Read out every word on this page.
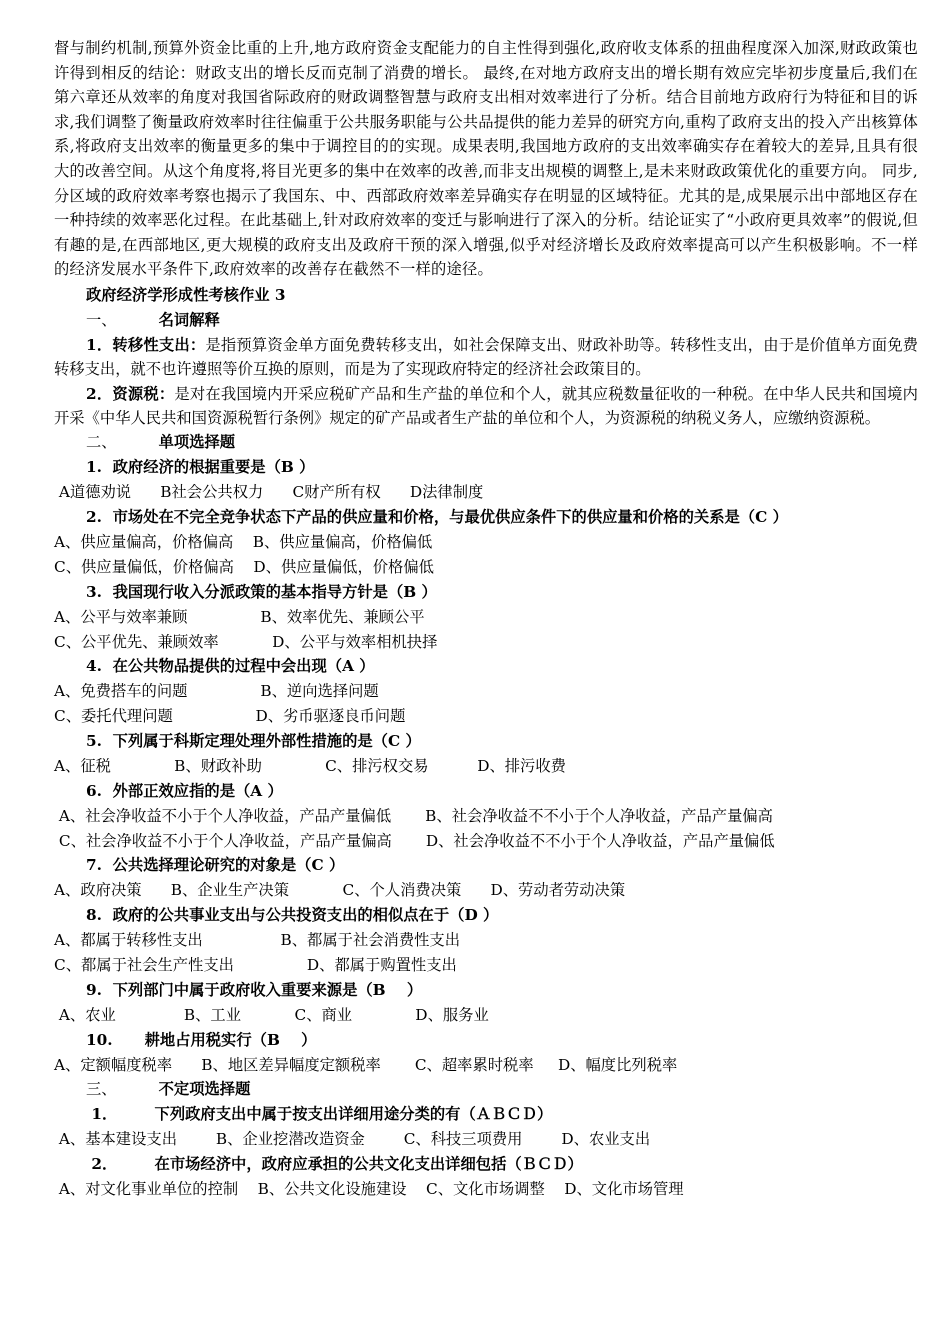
督与制约机制,预算外资金比重的上升,地方政府资金支配能力的自主性得到强化,政府收支体系的扭曲程度深入加深,财政政策也许得到相反的结论：财政支出的增长反而克制了消费的增长。 最终,在对地方政府支出的增长期有效应完毕初步度量后,我们在第六章还从效率的角度对我国省际政府的财政调整智慧与政府支出相对效率进行了分析。结合目前地方政府行为特征和目的诉求,我们调整了衡量政府效率时往往偏重于公共服务职能与公共品提供的能力差异的研究方向,重构了政府支出的投入产出核算体系,将政府支出效率的衡量更多的集中于调控目的的实现。成果表明,我国地方政府的支出效率确实存在着较大的差异,且具有很大的改善空间。从这个角度将,将目光更多的集中在效率的改善,而非支出规模的调整上,是未来财政政策优化的重要方向。 同步,分区域的政府效率考察也揭示了我国东、中、西部政府效率差异确实存在明显的区域特征。尤其的是,成果展示出中部地区存在一种持续的效率恶化过程。在此基础上,针对政府效率的变迁与影响进行了深入的分析。结论证实了“小政府更具效率”的假说,但有趣的是,在西部地区,更大规模的政府支出及政府干预的深入增强,似乎对经济增长及政府效率提高可以产生积极影响。不一样的经济发展水平条件下,政府效率的改善存在截然不一样的途径。

政府经济学形成性考核作业 3

一、	名词解释

1．转移性支出：是指预算资金单方面免费转移支出，如社会保障支出、财政补助等。转移性支出，由于是价值单方面免费转移支出，就不也许遵照等价互换的原则，而是为了实现政府特定的经济社会政策目的。

2．资源税：是对在我国境内开采应税矿产品和生产盐的单位和个人，就其应税数量征收的一种税。在中华人民共和国境内开采《中华人民共和国资源税暂行条例》规定的矿产品或者生产盐的单位和个人，为资源税的纳税义务人，应缴纳资源税。

二、	单项选择题

1.  政府经济的根据重要是（B ）

A道德劝说      B社会公共权力      C财产所有权      D法律制度

2.  市场处在不完全竞争状态下产品的供应量和价格，与最优供应条件下的供应量和价格的关系是（C ）

A、供应量偏高，价格偏高    B、供应量偏高，价格偏低

C、供应量偏低，价格偏高    D、供应量偏低，价格偏低

3.  我国现行收入分派政策的基本指导方针是（B ）

A、公平与效率兼顾               B、效率优先、兼顾公平

C、公平优先、兼顾效率           D、公平与效率相机抉择

4.  在公共物品提供的过程中会出现（A ）

A、免费搭车的问题               B、逆向选择问题

C、委托代理问题                 D、劣币驱逐良币问题

5.  下列属于科斯定理处理外部性措施的是（C ）

A、征税             B、财政补助             C、排污权交易          D、排污收费

6.  外部正效应指的是（A ）

A、社会净收益不小于个人净收益，产品产量偏低       B、社会净收益不不小于个人净收益，产品产量偏高

C、社会净收益不小于个人净收益，产品产量偏高       D、社会净收益不不小于个人净收益，产品产量偏低

7.  公共选择理论研究的对象是（C ）

A、政府决策      B、企业生产决策           C、个人消费决策      D、劳动者劳动决策

8.  政府的公共事业支出与公共投资支出的相似点在于（D ）

A、都属于转移性支出                B、都属于社会消费性支出

C、都属于社会生产性支出               D、都属于购置性支出

9.  下列部门中属于政府收入重要来源是（B    ）

A、农业              B、工业           C、商业             D、服务业

10.      耕地占用税实行（B    ）

A、定额幅度税率      B、地区差异幅度定额税率       C、超率累时税率     D、幅度比列税率

三、	不定项选择题

1．       下列政府支出中属于按支出详细用途分类的有（ＡＢＣＤ）

A、基本建设支出        B、企业挖潜改造资金        C、科技三项费用        D、农业支出

2．       在市场经济中，政府应承担的公共文化支出详细包括（ＢＣＤ）

A、对文化事业单位的控制    B、公共文化设施建设    C、文化市场调整    D、文化市场管理
